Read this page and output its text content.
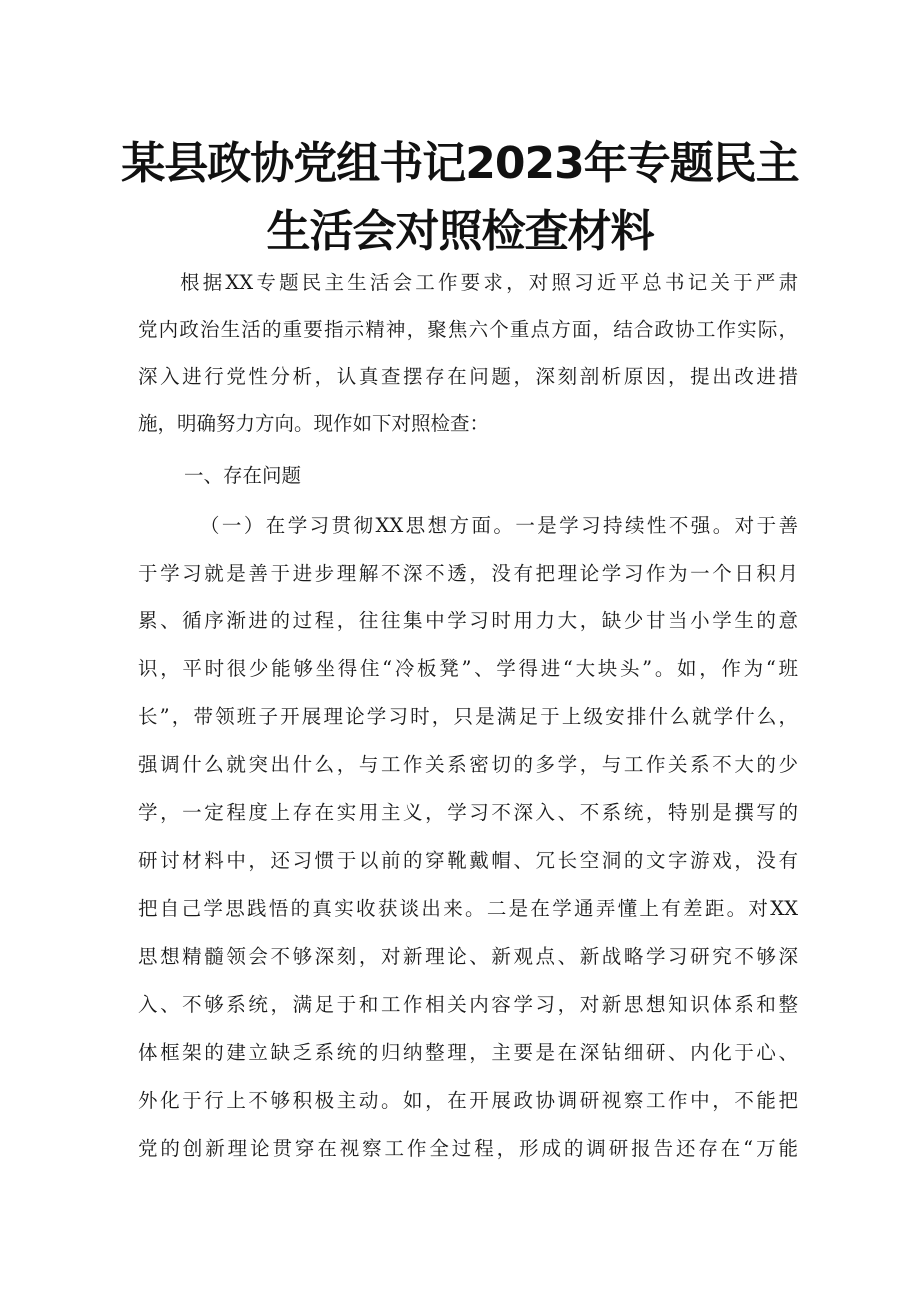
某县政协党组书记2023年专题民主
生活会对照检查材料
根据XX专题民主生活会工作要求，对照习近平总书记关于严肃
党内政治生活的重要指示精神，聚焦六个重点方面，结合政协工作实际，
深入进行党性分析，认真查摆存在问题，深刻剖析原因，提出改进措
施，明确努力方向。现作如下对照检查：
一、存在问题
（一）在学习贯彻XX思想方面。一是学习持续性不强。对于善
于学习就是善于进步理解不深不透，没有把理论学习作为一个日积月
累、循序渐进的过程，往往集中学习时用力大，缺少甘当小学生的意
识，平时很少能够坐得住“冷板凳”、学得进“大块头”。如，作为“班
长”，带领班子开展理论学习时，只是满足于上级安排什么就学什么，
强调什么就突出什么，与工作关系密切的多学，与工作关系不大的少
学，一定程度上存在实用主义，学习不深入、不系统，特别是撰写的
研讨材料中，还习惯于以前的穿靴戴帽、冗长空洞的文字游戏，没有
把自己学思践悟的真实收获谈出来。二是在学通弄懂上有差距。对XX
思想精髓领会不够深刻，对新理论、新观点、新战略学习研究不够深
入、不够系统，满足于和工作相关内容学习，对新思想知识体系和整
体框架的建立缺乏系统的归纳整理，主要是在深钻细研、内化于心、
外化于行上不够积极主动。如，在开展政协调研视察工作中，不能把
党的创新理论贯穿在视察工作全过程，形成的调研报告还存在“万能
